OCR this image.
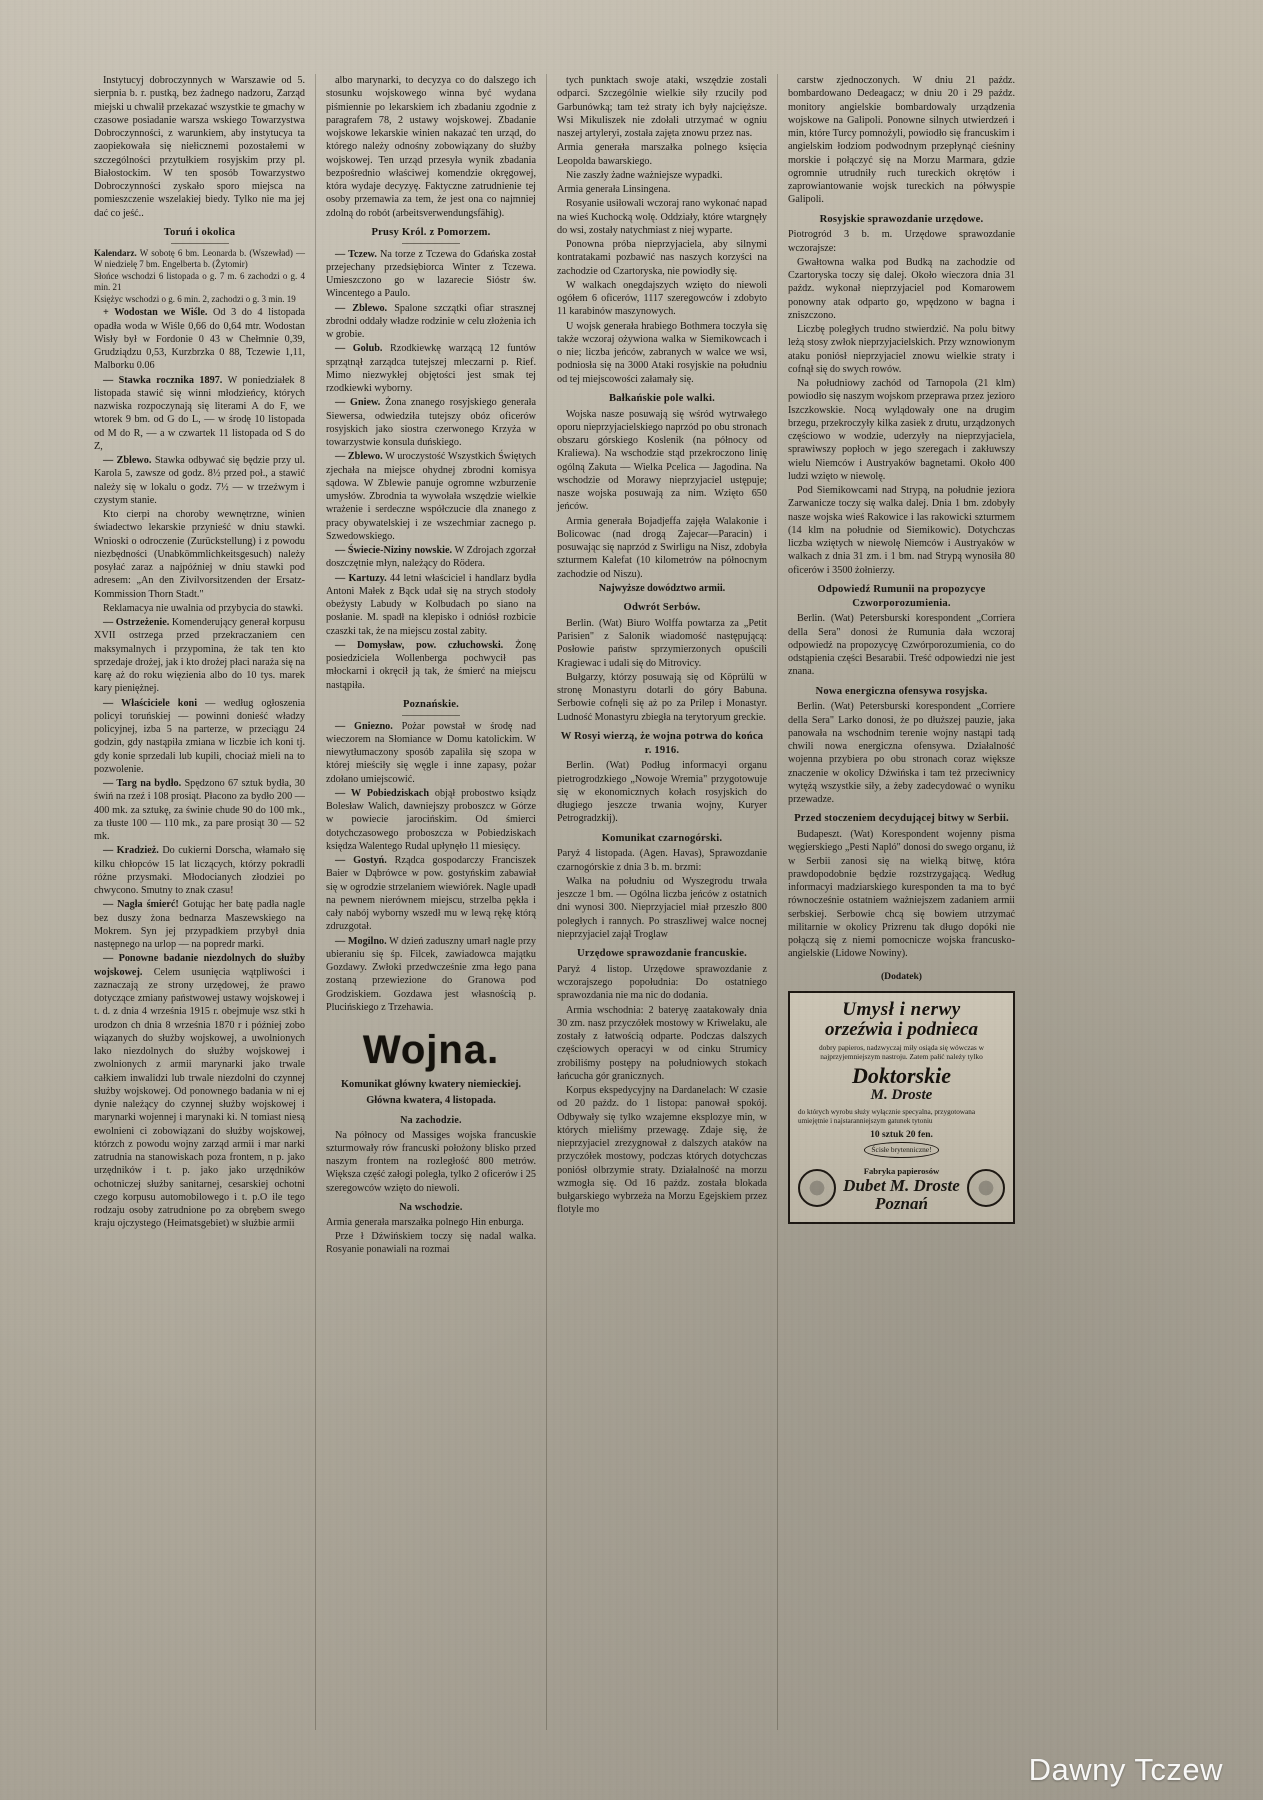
Instytucyj dobroczynnych w Warszawie od 5. sierpnia b. r. pustką, bez żadnego nadzoru, Zarząd miejski u chwalił przekazać wszystkie te gmachy w czasowe posiadanie warsza wskiego Towarzystwa Dobroczynności, z warunkiem, aby instytucya ta zaopiekowała się niełicznemi pozostałemi w szczególności przytułkiem rosyjskim przy pl. Białostockim. W ten sposób Towarzystwo Dobroczynności zyskało sporo miejsca na pomieszczenie wszelakiej biedy. Tylko nie ma jej dać co jeść..

Toruń i okolica

Kalendarz. W sobotę 6 bm. Leonarda b. (Wszewład) — W niedzielę 7 bm. Engelberta b. (Żytomir)

Słońce wschodzi 6 listopada o g. 7 m. 6 zachodzi o g. 4 min. 21

Księżyc wschodzi o g. 6 min. 2, zachodzi o g. 3 min. 19

+ Wodostan we Wiśle. Od 3 do 4 listopada opadła woda w Wiśle 0,66 do 0,64 mtr. Wodostan Wisły był w Fordonie 0 43 w Chełmnie 0,39, Grudziądzu 0,53, Kurzbrzka 0 88, Tczewie 1,11, Malborku 0.06

— Stawka rocznika 1897. W poniedziałek 8 listopada stawić się winni młodzieńcy, których nazwiska rozpoczynają się literami A do F, we wtorek 9 bm. od G do L, — w środę 10 listopada od M do R, — a w czwartek 11 listopada od S do Z,

— Zblewo. Stawka odbywać się będzie przy ul. Karola 5, zawsze od godz. 8½ przed poł., a stawić należy się w lokalu o godz. 7½ — w trzeźwym i czystym stanie.

Kto cierpi na choroby wewnętrzne, winien świadectwo lekarskie przynieść w dniu stawki. Wnioski o odroczenie (Zurückstellung) i z powodu niezbędności (Unabkömmlichkeitsgesuch) należy posyłać zaraz a najpóźniej w dniu stawki pod adresem: „An den Zivilvorsitzenden der Ersatz-Kommission Thorn Stadt."

Reklamacya nie uwalnia od przybycia do stawki.

— Ostrzeżenie. Komenderujący generał korpusu XVII ostrzega przed przekraczaniem cen maksymalnych i przypomina, że tak ten kto sprzedaje drożej, jak i kto drożej płaci naraża się na karę aż do roku więzienia albo do 10 tys. marek kary pieniężnej.

— Właściciele koni — według ogłoszenia policyi toruńskiej — powinni donieść władzy policyjnej, izba 5 na parterze, w przeciągu 24 godzin, gdy nastąpiła zmiana w liczbie ich koni tj. gdy konie sprzedali lub kupili, chociaż mieli na to pozwolenie.

— Targ na bydło. Spędzono 67 sztuk bydła, 30 świń na rzeź i 108 prosiąt. Płacono za bydło 200 — 400 mk. za sztukę, za świnie chude 90 do 100 mk., za tłuste 100 — 110 mk., za pare prosiąt 30 — 52 mk.

— Kradzież. Do cukierni Dorscha, włamało się kilku chłopców 15 lat liczących, którzy pokradli różne przysmaki. Młodocianych złodziei po chwycono. Smutny to znak czasu!

— Nagła śmierć! Gotując her batę padła nagle bez duszy żona bednarza Maszewskiego na Mokrem. Syn jej przypadkiem przybył dnia następnego na urlop — na popredr marki.

— Ponowne badanie niezdolnych do służby wojskowej. Celem usunięcia wątpliwości i zaznaczają ze strony urzędowej, że prawo dotyczące zmiany państwowej ustawy wojskowej i t. d. z dnia 4 września 1915 r. obejmuje wsz stki h urodzon ch dnia 8 września 1870 r i później zobo wiązanych do służby wojskowej, a uwolnionych lako niezdolnych do służby wojskowej i zwolnionych z armii marynarki jako trwale całkiem inwalidzi lub trwale niezdolni do czynnej służby wojskowej. Od ponownego badania w ni ej dynie należący do czynnej służby wojskowej i marynarki wojennej i marynaki ki. N tomiast niesą ewolnieni ci zobowiązani do służby wojskowej, którzch z powodu wojny zarząd armii i mar narki zatrudnia na stanowiskach poza frontem, n p. jako urzędników i t. p. jako jako urzędników ochotniczej służby sanitarnej, cesarskiej ochotni czego korpusu automobilowego i t. p.O ile tego rodzaju osoby zatrudnione po za obrębem swego kraju ojczystego (Heimatsgebiet) w służbie armii

albo marynarki, to decyzya co do dalszego ich stosunku wojskowego winna być wydana piśmiennie po lekarskiem ich zbadaniu zgodnie z paragrafem 78, 2 ustawy wojskowej. Zbadanie wojskowe lekarskie winien nakazać ten urząd, do którego należy odnośny zobowiązany do służby wojskowej. Ten urząd przesyła wynik zbadania bezpośrednio właściwej komendzie okręgowej, która wydaje decyzyę. Faktyczne zatrudnienie tej osoby przemawia za tem, że jest ona co najmniej zdolną do robót (arbeitsverwendungsfähig).

Prusy Król. z Pomorzem.

— Tczew. Na torze z Tczewa do Gdańska został przejechany przedsiębiorca Winter z Tczewa. Umieszczono go w lazarecie Sióstr św. Wincentego a Paulo.

— Zblewo. Spalone szczątki ofiar strasznej zbrodni oddały władze rodzinie w celu złożenia ich w grobie.

— Golub. Rzodkiewkę warzącą 12 funtów sprzątnął zarządca tutejszej mleczarni p. Rief. Mimo niezwykłej objętości jest smak tej rzodkiewki wyborny.

— Gniew. Żona znanego rosyjskiego generała Siewersa, odwiedziła tutejszy obóz oficerów rosyjskich jako siostra czerwonego Krzyża w towarzystwie konsula duńskiego.

— Zblewo. W uroczystość Wszystkich Świętych zjechała na miejsce ohydnej zbrodni komisya sądowa. W Zblewie panuje ogromne wzburzenie umysłów. Zbrodnia ta wywołała wszędzie wielkie wrażenie i serdeczne współczucie dla znanego z pracy obywatelskiej i ze wszechmiar zacnego p. Szwedowskiego.

— Świecie-Niziny nowskie. W Zdrojach zgorzał doszczętnie młyn, należący do Rödera.

— Kartuzy. 44 letni właściciel i handlarz bydła Antoni Małek z Bąck udał się na strych stodoły obeżysty Labudy w Kolbudach po siano na posłanie. M. spadł na klepisko i odniósł rozbicie czaszki tak, że na miejscu zostal zabity.

— Domysław, pow. człuchowski. Żonę posiedziciela Wollenberga pochwycił pas młockarni i okręcił ją tak, że śmierć na miejscu nastąpiła.

Poznańskie.

— Gniezno. Pożar powstał w środę nad wieczorem na Słomiance w Domu katolickim. W niewytłumaczony sposób zapaliła się szopa w której mieściły się węgle i inne zapasy, pożar zdołano umiejscowić.

— W Pobiedziskach objął probostwo ksiądz Bolesław Walich, dawniejszy proboszcz w Górze w powiecie jarocińskim. Od śmierci dotychczasowego proboszcza w Pobiedziskach księdza Walentego Rudal upłynęło 11 miesięcy.

— Gostyń. Rządca gospodarczy Franciszek Baier w Dąbrówce w pow. gostyńskim zabawiał się w ogrodzie strzelaniem wiewiórek. Nagle upadł na pewnem nierównem miejscu, strzelba pękła i cały nabój wyborny wszedł mu w lewą rękę którą zdruzgotał.

— Mogilno. W dzień zaduszny umarł nagle przy ubieraniu się śp. Filcek, zawiadowca majątku Gozdawy. Zwłoki przedwcześnie zma łego pana zostaną przewiezione do Granowa pod Grodziskiem. Gozdawa jest własnością p. Plucińskiego z Trzehawia.

Wojna.
Komunikat główny kwatery niemieckiej.
Główna kwatera, 4 listopada.
Na zachodzie.

Na północy od Massiges wojska francuskie szturmowały rów francuski położony blisko przed naszym frontem na rozległość 800 metrów. Większa część załogi poległa, tylko 2 oficerów i 25 szeregowców wzięto do niewoli.

Na wschodzie.

Armia generała marszałka polnego Hin enburga.

Prze ł Dźwińskiem toczy się nadal walka. Rosyanie ponawiali na rozmai

tych punktach swoje ataki, wszędzie zostali odparci. Szczególnie wielkie siły rzucily pod Garbunówką; tam też straty ich były najcięższe. Wsi Mikuliszek nie zdołali utrzymać w ogniu naszej artyleryi, została zajęta znowu przez nas.

Armia generała marszałka polnego księcia Leopolda bawarskiego.

Nie zaszły żadne ważniejsze wypadki.

Armia generała Linsingena.

Rosyanie usiłowali wczoraj rano wykonać napad na wieś Kuchocką wolę. Oddziały, które wtargnęły do wsi, zostały natychmiast z niej wyparte.

Ponowna próba nieprzyjaciela, aby silnymi kontratakami pozbawić nas naszych korzyści na zachodzie od Czartoryska, nie powiodły się.

W walkach onegdajszych wzięto do niewoli ogółem 6 oficerów, 1117 szeregowców i zdobyto 11 karabinów maszynowych.

U wojsk generała hrabiego Bothmera toczyła się także wczoraj ożywiona walka w Siemikowcach i o nie; liczba jeńców, zabranych w walce we wsi, podniosła się na 3000 Ataki rosyjskie na południu od tej miejscowości załamały się.

Bałkańskie pole walki.

Wojska nasze posuwają się wśród wytrwałego oporu nieprzyjacielskiego naprzód po obu stronach obszaru górskiego Koslenik (na północy od Kraliewa). Na wschodzie stąd przekroczono linię ogólną Zakuta — Wielka Pcelica — Jagodina. Na wschodzie od Morawy nieprzyjaciel ustępuje; nasze wojska posuwają za nim. Wzięto 650 jeńców.

Armia generała Bojadjeffa zajęła Walakonie i Bolicowac (nad drogą Zajecar—Paracin) i posuwając się naprzód z Swirligu na Nisz, zdobyła szturmem Kalefat (10 kilometrów na północnym zachodzie od Niszu).

Najwyższe dowództwo armii.

Odwrót Serbów.

Berlin. (Wat) Biuro Wolffa powtarza za „Petit Parisien" z Salonik wiadomość następującą: Posłowie państw sprzymierzonych opuścili Kragiewac i udali się do Mitrovicy.

Bułgarzy, którzy posuwają się od Köprülü w stronę Monastyru dotarli do góry Babuna. Serbowie cofnęli się aż po za Prilep i Monastyr. Ludność Monastyru zbiegła na terytoryum greckie.

W Rosyi wierzą, że wojna potrwa do końca r. 1916.

Berlin. (Wat) Podług informacyi organu pietrogrodzkiego „Nowoje Wremia" przygotowuje się w ekonomicznych kołach rosyjskich do długiego jeszcze trwania wojny, Kuryer Petrogradzkij).

Komunikat czarnogórski.

Paryż 4 listopada. (Agen. Havas), Sprawozdanie czarnogórskie z dnia 3 b. m. brzmi:

Walka na południu od Wyszegrodu trwała jeszcze 1 bm. — Ogólna liczba jeńców z ostatnich dni wynosi 300. Nieprzyjaciel miał przeszło 800 poległych i rannych. Po straszliwej walce nocnej nieprzyjaciel zajął Troglaw

Urzędowe sprawozdanie francuskie.

Paryż 4 listop. Urzędowe sprawozdanie z wczorajszego popołudnia: Do ostatniego sprawozdania nie ma nic do dodania.

Armia wschodnia: 2 bateryę zaatakowały dnia 30 zm. nasz przyczółek mostowy w Kriwelaku, ale zostały z łatwością odparte. Podczas dalszych częściowych operacyi w od cinku Strumicy zrobiliśmy postępy na południowych stokach łańcucha gór granicznych.

Korpus ekspedycyjny na Dardanelach: W czasie od 20 paźdz. do 1 listopa: panował spokój. Odbywały się tylko wzajemne eksplozye min, w których mieliśmy przewagę. Zdaje się, że nieprzyjaciel zrezygnował z dalszych ataków na przyczółek mostowy, podczas których dotychczas poniósł olbrzymie straty. Działalność na morzu wzmogła się. Od 16 paźdz. została blokada bułgarskiego wybrzeża na Morzu Egejskiem przez flotyle mo

carstw zjednoczonych. W dniu 21 paźdz. bombardowano Dedeagacz; w dniu 20 i 29 paźdz. monitory angielskie bombardowaly urządzenia wojskowe na Galipoli. Ponowne silnych utwierdzeń i min, które Turcy pomnożyli, powiodło się francuskim i angielskim łodziom podwodnym przepłynąć cieśniny morskie i połączyć się na Morzu Marmara, gdzie ogromnie utrudniły ruch tureckich okrętów i zaprowiantowanie wojsk tureckich na półwyspie Galipoli.

Rosyjskie sprawozdanie urzędowe.

Piotrogród 3 b. m. Urzędowe sprawozdanie wczorajsze:

Gwałtowna walka pod Budką na zachodzie od Czartoryska toczy się dalej. Około wieczora dnia 31 paźdz. wykonał nieprzyjaciel pod Komarowem ponowny atak odparto go, wpędzono w bagna i zniszczono.

Liczbę poległych trudno stwierdzić. Na polu bitwy leżą stosy zwłok nieprzyjacielskich. Przy wznowionym ataku poniósł nieprzyjaciel znowu wielkie straty i cofnął się do swych rowów.

Na południowy zachód od Tarnopola (21 klm) powiodło się naszym wojskom przeprawa przez jezioro Iszczkowskie. Nocą wylądowały one na drugim brzegu, przekroczyły kilka zasiek z drutu, urządzonych częściowo w wodzie, uderzyły na nieprzyjaciela, sprawiwszy popłoch w jego szeregach i zakłuwszy wielu Niemców i Austryaków bagnetami. Około 400 ludzi wzięto w niewolę.

Pod Siemikowcami nad Strypą, na południe jeziora Zarwanicze toczy się walka dalej. Dnia 1 bm. zdobyły nasze wojska wieś Rakowice i las rakowicki szturmem (14 klm na południe od Siemikowic). Dotychczas liczba wziętych w niewolę Niemców i Austryaków w walkach z dnia 31 zm. i 1 bm. nad Strypą wynosiła 80 oficerów i 3500 żołnierzy.

Odpowiedź Rumunii na propozycye Czworporozumienia.

Berlin. (Wat) Petersburski korespondent „Corriera della Sera" donosi że Rumunia dała wczoraj odpowiedź na propozycyę Czwórporozumienia, co do odstąpienia części Besarabii. Treść odpowiedzi nie jest znana.

Nowa energiczna ofensywa rosyjska.

Berlin. (Wat) Petersburski korespondent „Corriere della Sera" Larko donosi, że po dłuższej pauzie, jaka panowała na wschodnim terenie wojny nastąpi tadą chwili nowa energiczna ofensywa. Działalność wojenna przybiera po obu stronach coraz większe znaczenie w okolicy Dźwińska i tam też przeciwnicy wytężą wszystkie siły, a żeby zadecydować o wyniku przewadze.

Przed stoczeniem decydującej bitwy w Serbii.

Budapeszt. (Wat) Korespondent wojenny pisma węgierskiego „Pesti Napló" donosi do swego organu, iż w Serbii zanosi się na wielką bitwę, która prawdopodobnie będzie rozstrzygającą. Według informacyi madziarskiego kuresponden ta ma to być równocześnie ostatniem ważniejszem zadaniem armii serbskiej. Serbowie chcą się bowiem utrzymać militarnie w okolicy Prizrenu tak długo dopóki nie połączą się z niemi pomocnicze wojska francusko-angielskie (Lidowe Nowiny).

(Dodatek)
Umysł i nerwy
orzeźwia i podnieca
dobry papieros, nadzwyczaj miły osiąda się wówczas w najprzyjemniejszym nastroju. Zatem pałić należy tylko
Doktorskie
M. Droste
do których wyrobu służy wyłącznie specyalna, przygotowana umiejętnie i najstaranniejszym gatunek tytoniu
10 sztuk 20 fen.
Ścisłe brytenniczne!
Fabryka papierosów
Dubet M. Droste Poznań
Dawny Tczew
